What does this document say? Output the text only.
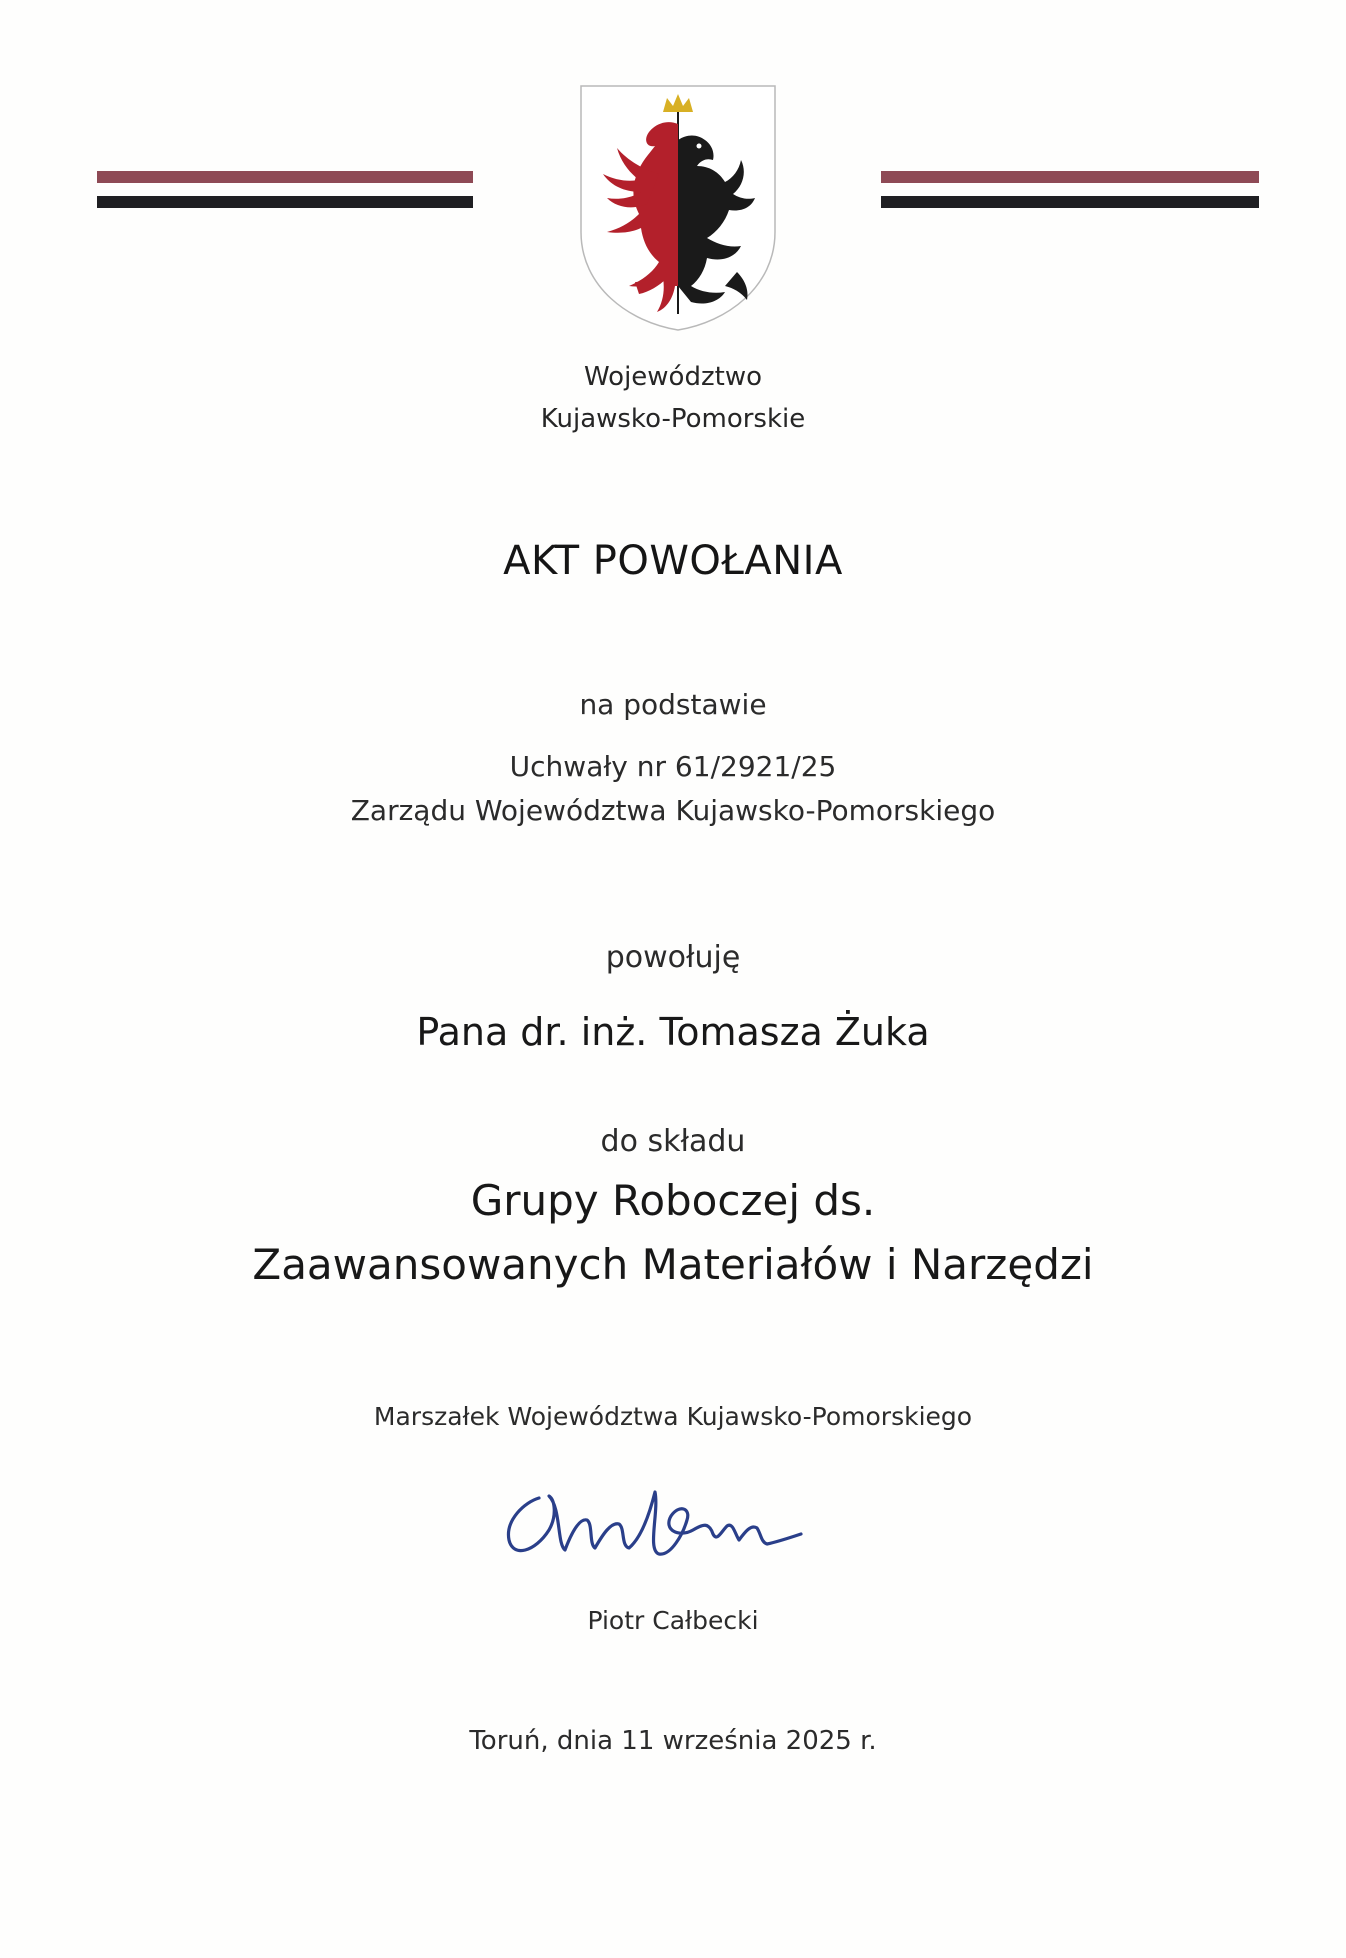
Województwo
Kujawsko-Pomorskie
AKT POWOŁANIA
na podstawie
Uchwały nr 61/2921/25
Zarządu Województwa Kujawsko-Pomorskiego
powołuję
Pana dr. inż. Tomasza Żuka
do składu
Grupy Roboczej ds.
Zaawansowanych Materiałów i Narzędzi
Marszałek Województwa Kujawsko-Pomorskiego
Piotr Całbecki
Toruń, dnia 11 września 2025 r.
